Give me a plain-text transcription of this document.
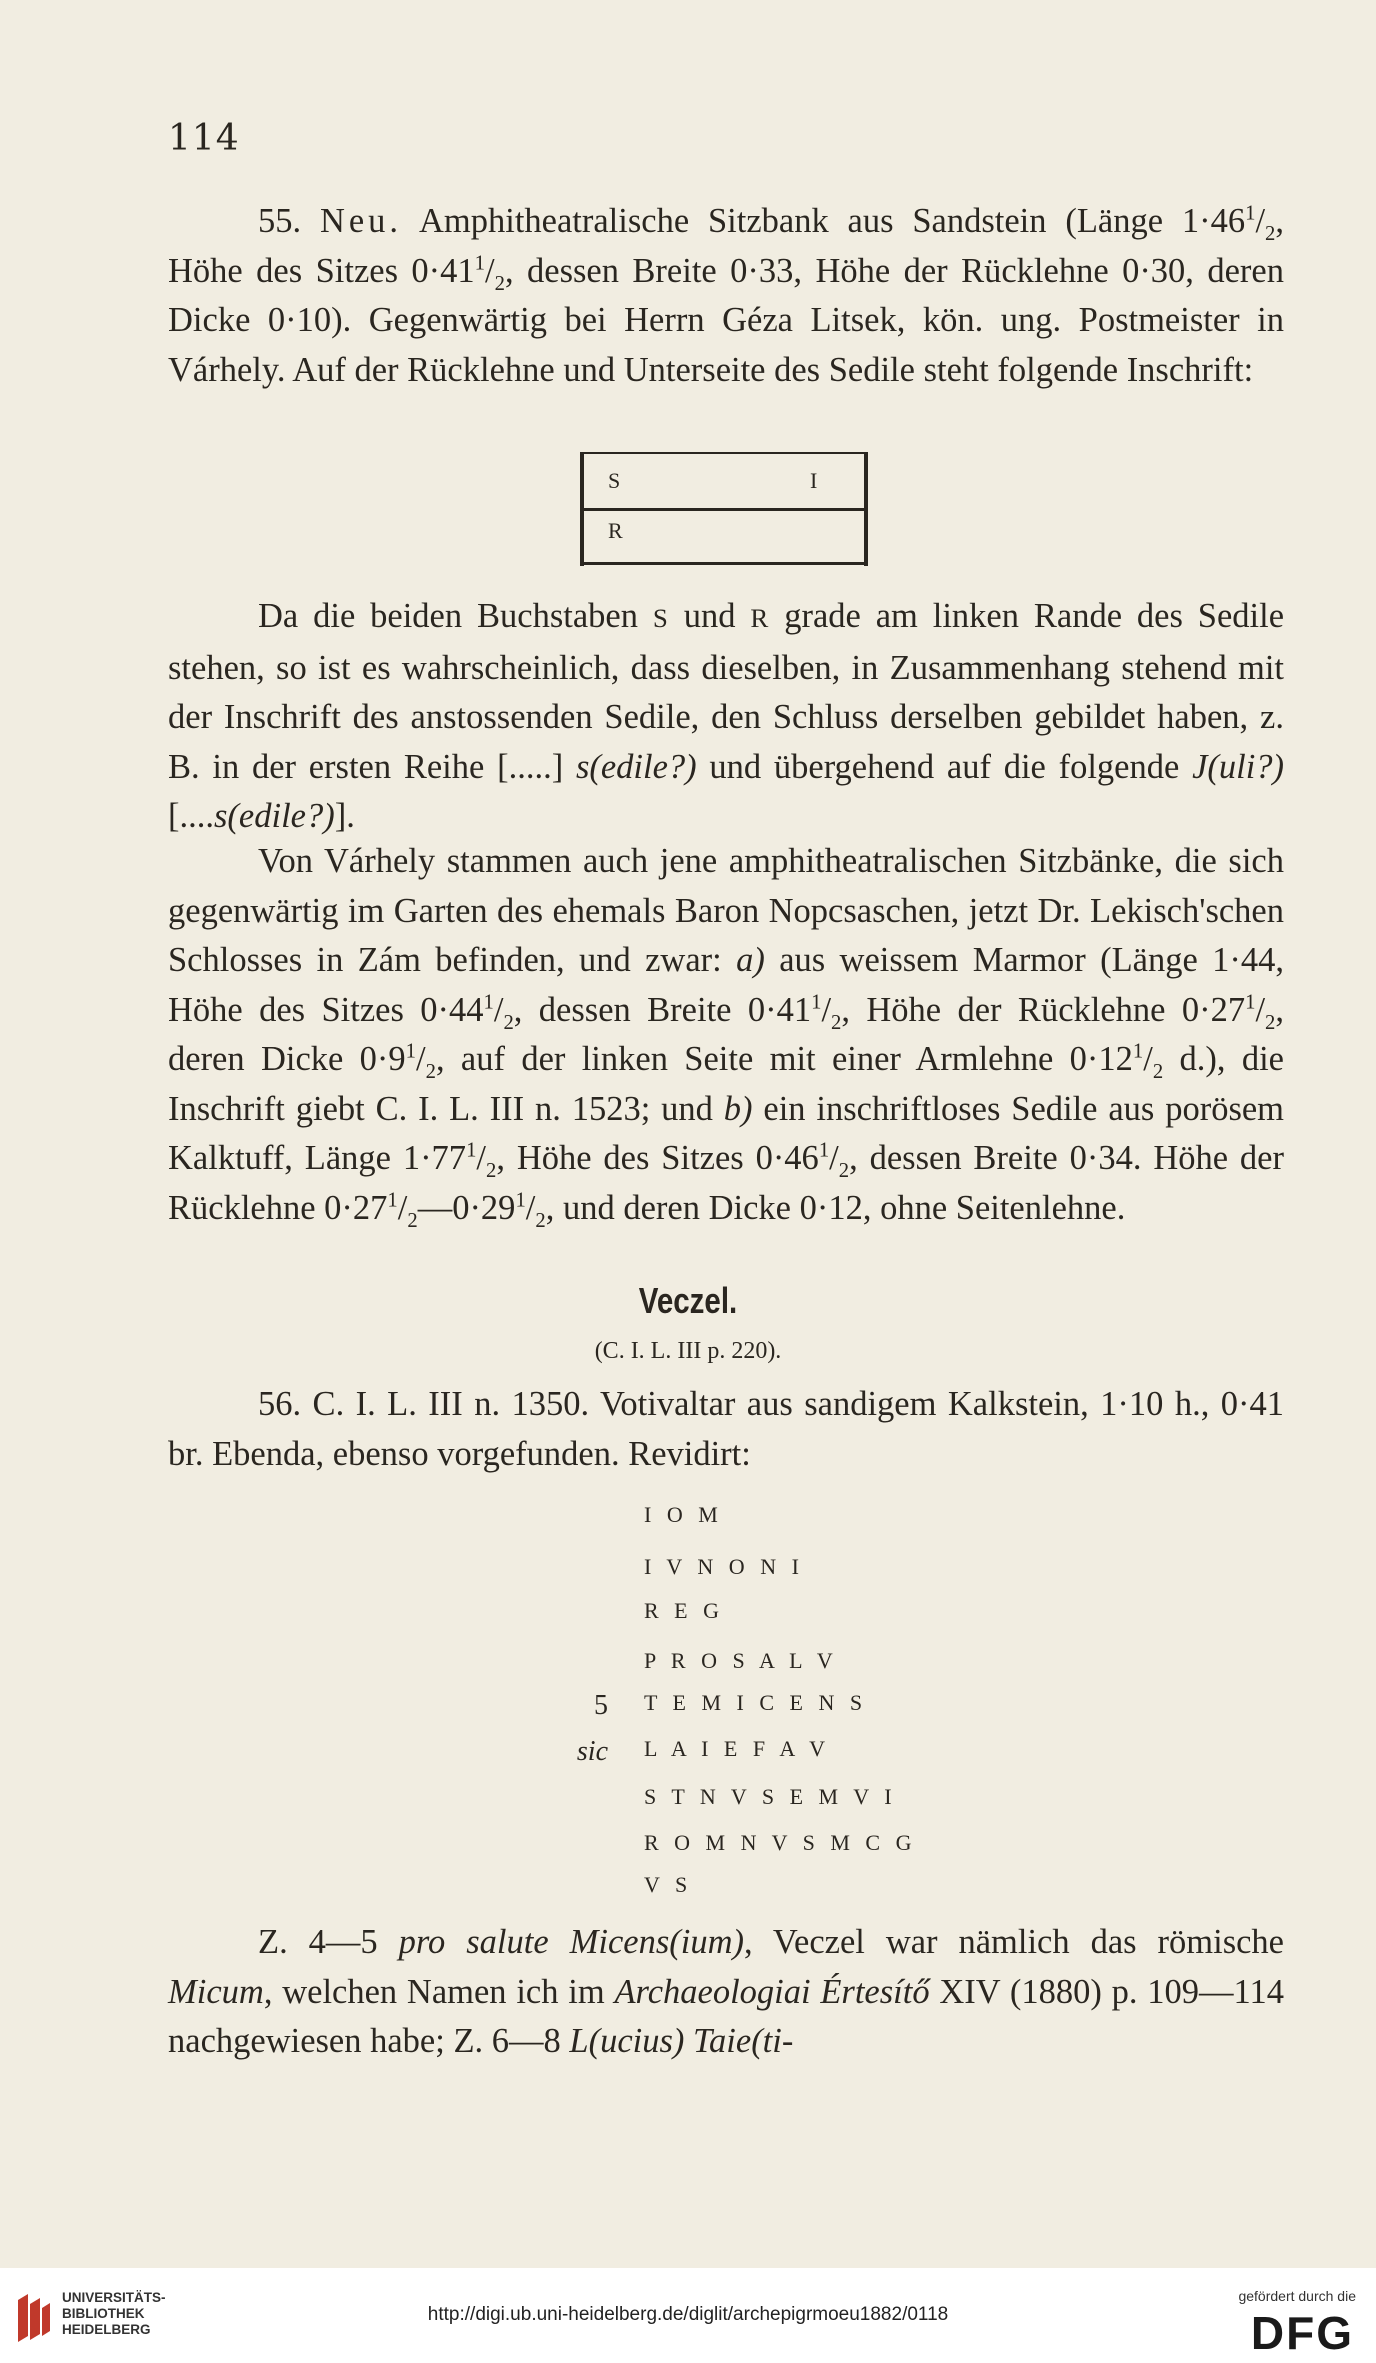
114

55. Neu. Amphitheatralische Sitzbank aus Sandstein (Länge $1\cdot 46^1/_2$, Höhe des Sitzes $0\cdot 41^1/_2$, dessen Breite 0·33, Höhe der Rücklehne 0·30, deren Dicke 0·10). Gegenwärtig bei Herrn Géza Litsek, kön. ung. Postmeister in Várhely. Auf der Rücklehne und Unterseite des Sedile steht folgende Inschrift:

S	I
R

Da die beiden Buchstaben S und R grade am linken Rande des Sedile stehen, so ist es wahrscheinlich, dass dieselben, in Zusammenhang stehend mit der Inschrift des anstossenden Sedile, den Schluss derselben gebildet haben, z. B. in der ersten Reihe [.....] s(edile?) und übergehend auf die folgende J(uli?) [....s(edile?)].

Von Várhely stammen auch jene amphitheatralischen Sitzbänke, die sich gegenwärtig im Garten des ehemals Baron Nopcsaschen, jetzt Dr. Lekisch'schen Schlosses in Zám befinden, und zwar: a) aus weissem Marmor (Länge 1·44, Höhe des Sitzes $0\cdot 44^1/_2$, dessen Breite $0\cdot 41^1/_2$, Höhe der Rücklehne $0\cdot 27^1/_2$, deren Dicke $0\cdot 9^1/_2$, auf der linken Seite mit einer Armlehne $0\cdot 12^1/_2$ d.), die Inschrift giebt C. I. L. III n. 1523; und b) ein inschriftloses Sedile aus porösem Kalktuff, Länge $1\cdot 77^1/_2$, Höhe des Sitzes $0\cdot 46^1/_2$, dessen Breite 0·34. Höhe der Rücklehne $0\cdot 27^1/_2—0\cdot 29^1/_2$, und deren Dicke 0·12, ohne Seitenlehne.

Veczel.
(C. I. L. III p. 220).

56. C. I. L. III n. 1350. Votivaltar aus sandigem Kalkstein, 1·10 h., 0·41 br. Ebenda, ebenso vorgefunden. Revidirt:

I O M
I V N O N I
R E G
P R O S A L V
5 T E M I C E N S
sic L A I E F A V
S T N V S E M V I
R O M N V S M C G
V S

Z. 4—5 pro salute Micens(ium), Veczel war nämlich das römische Micum, welchen Namen ich im Archaeologiai Értesítő XIV (1880) p. 109—114 nachgewiesen habe; Z. 6—8 L(ucius) Taie(ti-

UNIVERSITÄTS-
BIBLIOTHEK
HEIDELBERG
http://digi.ub.uni-heidelberg.de/diglit/archepigrmoeu1882/0118
gefördert durch die
DFG
